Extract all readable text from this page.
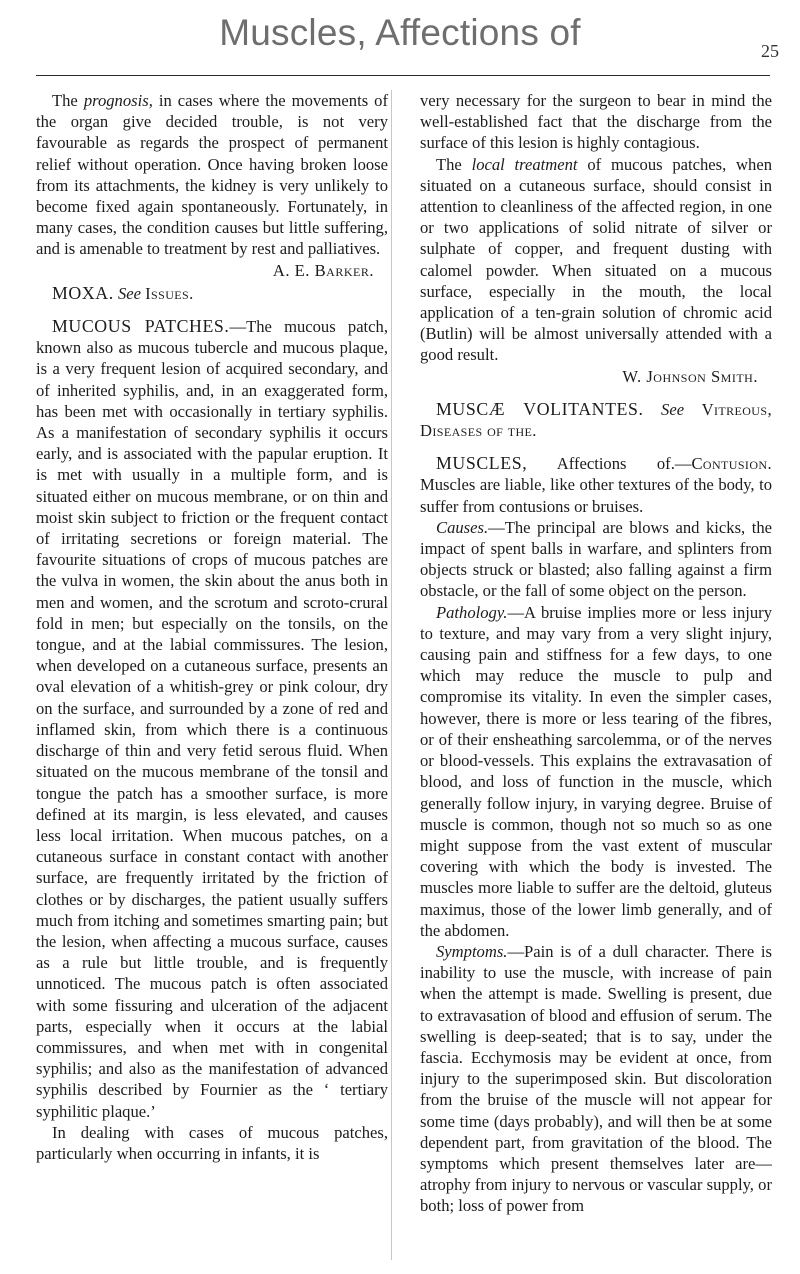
Muscles, Affections of	25

The prognosis, in cases where the movements of the organ give decided trouble, is not very favourable as regards the prospect of permanent relief without operation. Once having broken loose from its attachments, the kidney is very unlikely to become fixed again spontaneously. Fortunately, in many cases, the condition causes but little suffering, and is amenable to treatment by rest and palliatives.

A. E. Barker.

MOXA. See Issues.

MUCOUS PATCHES.—The mucous patch, known also as mucous tubercle and mucous plaque, is a very frequent lesion of acquired secondary, and of inherited syphilis, and, in an exaggerated form, has been met with occasionally in tertiary syphilis. As a manifestation of secondary syphilis it occurs early, and is associated with the papular eruption. It is met with usually in a multiple form, and is situated either on mucous membrane, or on thin and moist skin subject to friction or the frequent contact of irritating secretions or foreign material. The favourite situations of crops of mucous patches are the vulva in women, the skin about the anus both in men and women, and the scrotum and scroto-crural fold in men; but especially on the tonsils, on the tongue, and at the labial commissures. The lesion, when developed on a cutaneous surface, presents an oval elevation of a whitish-grey or pink colour, dry on the surface, and surrounded by a zone of red and inflamed skin, from which there is a continuous discharge of thin and very fetid serous fluid. When situated on the mucous membrane of the tonsil and tongue the patch has a smoother surface, is more defined at its margin, is less elevated, and causes less local irritation. When mucous patches, on a cutaneous surface in constant contact with another surface, are frequently irritated by the friction of clothes or by discharges, the patient usually suffers much from itching and sometimes smarting pain; but the lesion, when affecting a mucous surface, causes as a rule but little trouble, and is frequently unnoticed. The mucous patch is often associated with some fissuring and ulceration of the adjacent parts, especially when it occurs at the labial commissures, and when met with in congenital syphilis; and also as the manifestation of advanced syphilis described by Fournier as the ‘ tertiary syphilitic plaque.’

In dealing with cases of mucous patches, particularly when occurring in infants, it is

very necessary for the surgeon to bear in mind the well-established fact that the discharge from the surface of this lesion is highly contagious.

The local treatment of mucous patches, when situated on a cutaneous surface, should consist in attention to cleanliness of the affected region, in one or two applications of solid nitrate of silver or sulphate of copper, and frequent dusting with calomel powder. When situated on a mucous surface, especially in the mouth, the local application of a ten-grain solution of chromic acid (Butlin) will be almost universally attended with a good result.

W. Johnson Smith.

MUSCÆ VOLITANTES. See Vitreous, Diseases of the.

MUSCLES, Affections of.—Contusion. Muscles are liable, like other textures of the body, to suffer from contusions or bruises.

Causes.—The principal are blows and kicks, the impact of spent balls in warfare, and splinters from objects struck or blasted; also falling against a firm obstacle, or the fall of some object on the person.

Pathology.—A bruise implies more or less injury to texture, and may vary from a very slight injury, causing pain and stiffness for a few days, to one which may reduce the muscle to pulp and compromise its vitality. In even the simpler cases, however, there is more or less tearing of the fibres, or of their ensheathing sarcolemma, or of the nerves or blood-vessels. This explains the extravasation of blood, and loss of function in the muscle, which generally follow injury, in varying degree. Bruise of muscle is common, though not so much so as one might suppose from the vast extent of muscular covering with which the body is invested. The muscles more liable to suffer are the deltoid, gluteus maximus, those of the lower limb generally, and of the abdomen.

Symptoms.—Pain is of a dull character. There is inability to use the muscle, with increase of pain when the attempt is made. Swelling is present, due to extravasation of blood and effusion of serum. The swelling is deep-seated; that is to say, under the fascia. Ecchymosis may be evident at once, from injury to the superimposed skin. But discoloration from the bruise of the muscle will not appear for some time (days probably), and will then be at some dependent part, from gravitation of the blood. The symptoms which present themselves later are—atrophy from injury to nervous or vascular supply, or both; loss of power from
